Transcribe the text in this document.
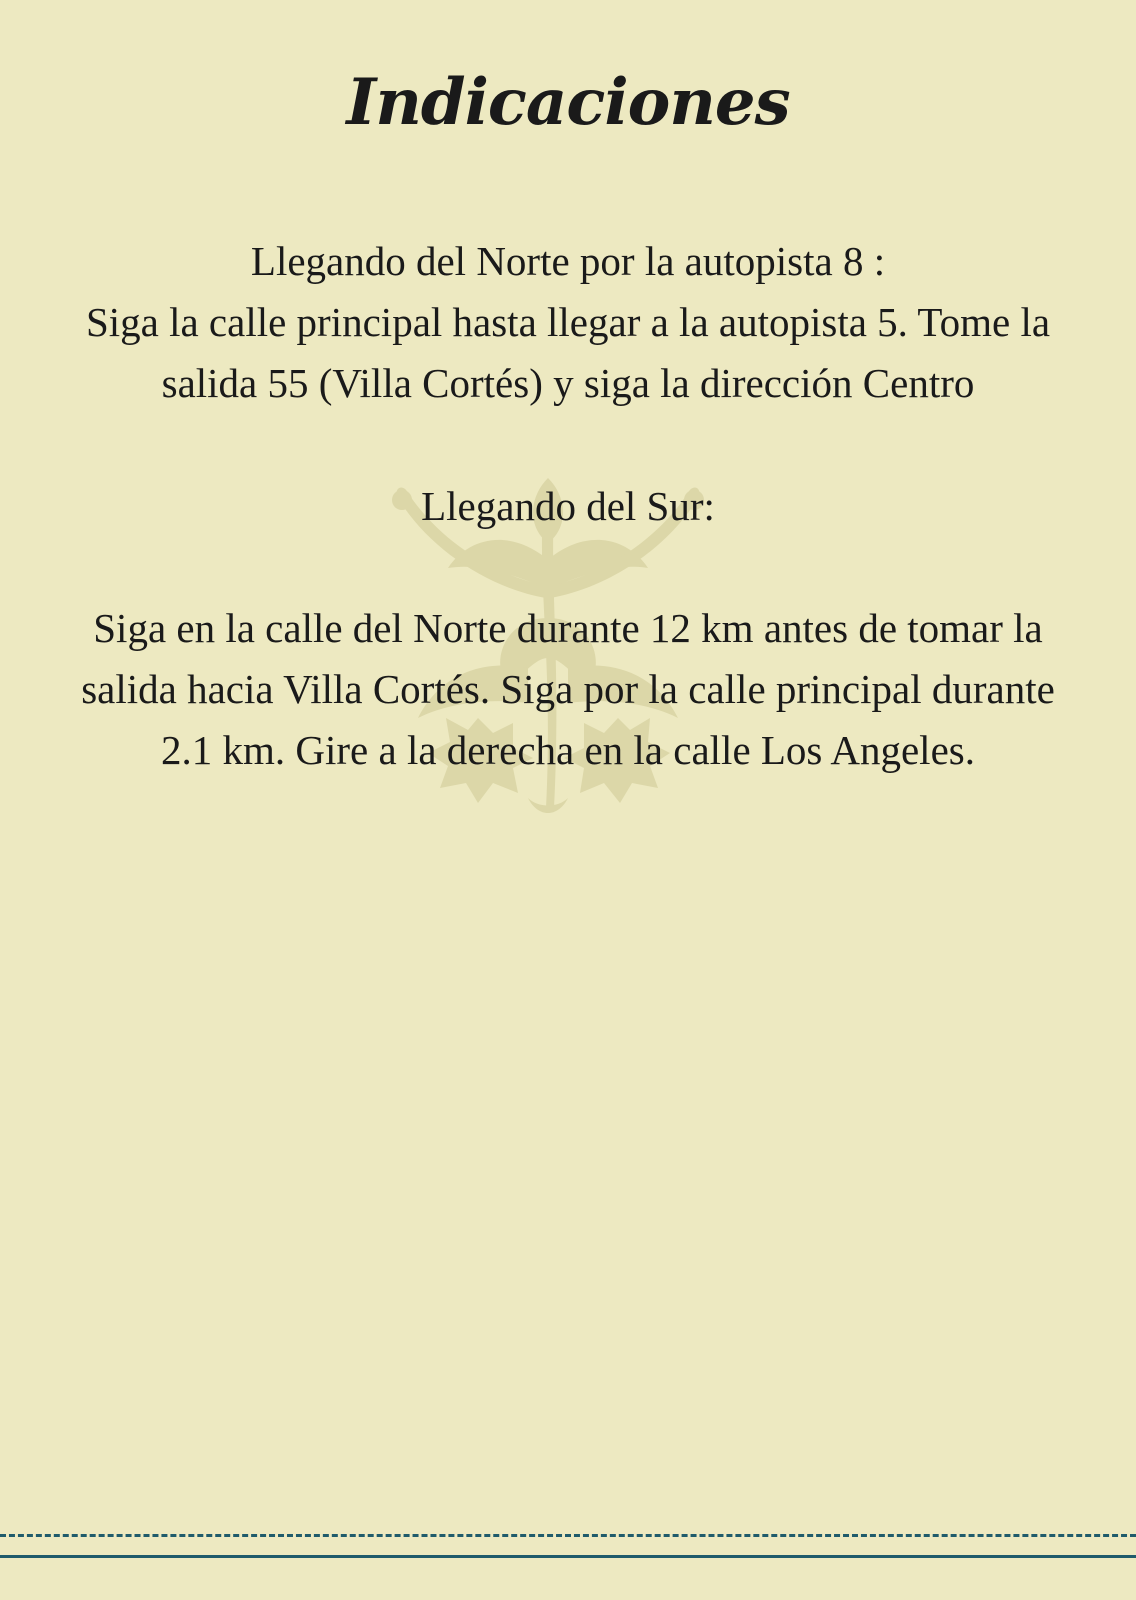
Indicaciones
Llegando del Norte por la autopista 8 :
Siga la calle principal hasta llegar a la autopista 5. Tome la
salida 55 (Villa Cortés) y siga la dirección Centro
Llegando del Sur:
Siga en la calle del Norte durante 12 km antes de tomar la
salida hacia Villa Cortés. Siga por la calle principal durante
2.1 km. Gire a la derecha en la calle Los Angeles.
